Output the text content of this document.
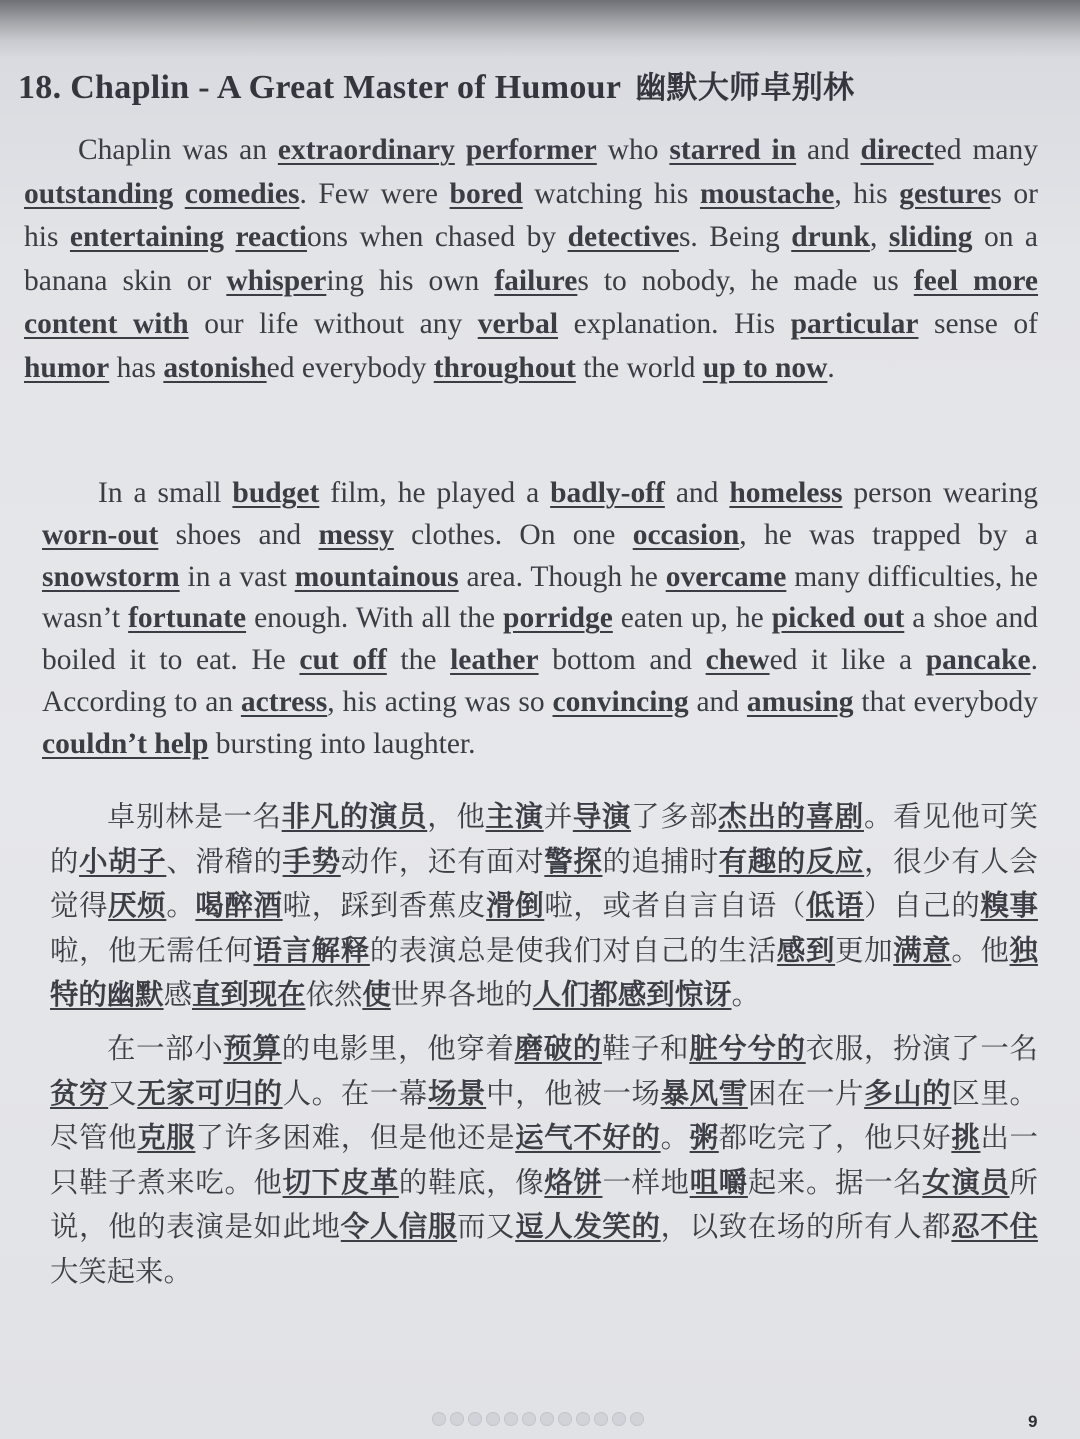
18. Chaplin - A Great Master of Humour 幽默大师卓别林

Chaplin was an extraordinary performer who starred in and directed many outstanding comedies. Few were bored watching his moustache, his gestures or his entertaining reactions when chased by detectives. Being drunk, sliding on a banana skin or whispering his own failures to nobody, he made us feel more content with our life without any verbal explanation. His particular sense of humor has astonished everybody throughout the world up to now.

In a small budget film, he played a badly-off and homeless person wearing worn-out shoes and messy clothes. On one occasion, he was trapped by a snowstorm in a vast mountainous area. Though he overcame many difficulties, he wasn’t fortunate enough. With all the porridge eaten up, he picked out a shoe and boiled it to eat. He cut off the leather bottom and chewed it like a pancake. According to an actress, his acting was so convincing and amusing that everybody couldn’t help bursting into laughter.

卓别林是一名非凡的演员，他主演并导演了多部杰出的喜剧。看见他可笑的小胡子、滑稽的手势动作，还有面对警探的追捕时有趣的反应，很少有人会觉得厌烦。喝醉酒啦，踩到香蕉皮滑倒啦，或者自言自语（低语）自己的糗事啦，他无需任何语言解释的表演总是使我们对自己的生活感到更加满意。他独特的幽默感直到现在依然使世界各地的人们都感到惊讶。

在一部小预算的电影里，他穿着磨破的鞋子和脏兮兮的衣服，扮演了一名贫穷又无家可归的人。在一幕场景中，他被一场暴风雪困在一片多山的区里。尽管他克服了许多困难，但是他还是运气不好的。粥都吃完了，他只好挑出一只鞋子煮来吃。他切下皮革的鞋底，像烙饼一样地咀嚼起来。据一名女演员所说，他的表演是如此地令人信服而又逗人发笑的，以致在场的所有人都忍不住大笑起来。

9
